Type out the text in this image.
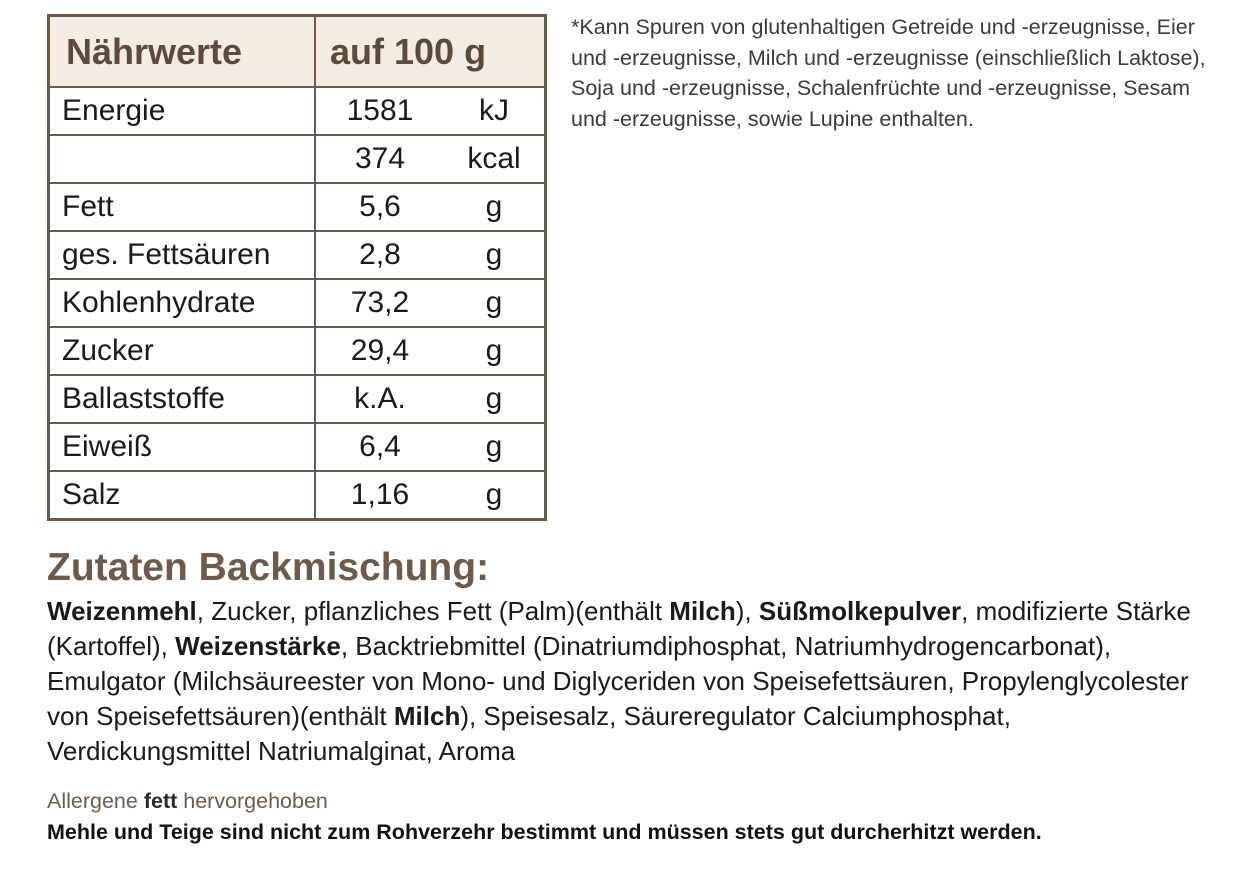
Nährwerte	auf 100 g
Energie	1581 kJ

	374 kcal

Fett	5,6 g

ges. Fettsäuren	2,8 g

Kohlenhydrate	73,2 g

Zucker	29,4 g

Ballaststoffe	k.A. g

Eiweiß	6,4 g

Salz	1,16 g
*Kann Spuren von glutenhaltigen Getreide und -erzeugnisse, Eier und -erzeugnisse, Milch und -erzeugnisse (einschließlich Laktose), Soja und -erzeugnisse, Schalenfrüchte und -erzeugnisse, Sesam und -erzeugnisse, sowie Lupine enthalten.
Zutaten Backmischung:
Weizenmehl, Zucker, pflanzliches Fett (Palm)(enthält Milch), Süßmolkepulver, modifizierte Stärke (Kartoffel), Weizenstärke, Backtriebmittel (Dinatriumdiphosphat, Natriumhydrogencarbonat), Emulgator (Milchsäureester von Mono- und Diglyceriden von Speisefettsäuren, Propylenglycolester von Speisefettsäuren)(enthält Milch), Speisesalz, Säureregulator Calciumphosphat, Verdickungsmittel Natriumalginat, Aroma
Allergene fett hervorgehoben
Mehle und Teige sind nicht zum Rohverzehr bestimmt und müssen stets gut durcherhitzt werden.
